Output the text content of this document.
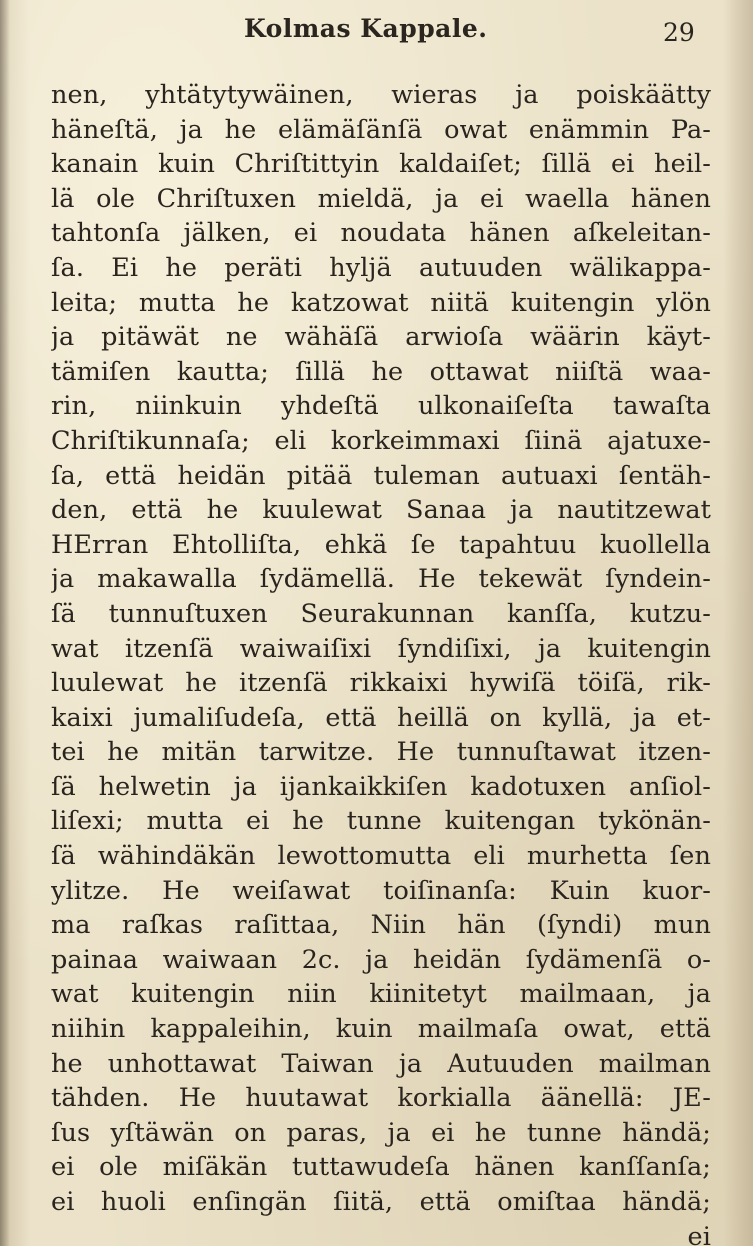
Kolmas Kappale.	29
nen, yhtätytywäinen, wieras ja poiskäätty
häneſtä, ja he elämäſänſä owat enämmin Pa-
kanain kuin Chriſtittyin kaldaiſet; ſillä ei heil-
lä ole Chriſtuxen mieldä, ja ei waella hänen
tahtonſa jälken, ei noudata hänen aſkeleitan-
ſa. Ei he peräti hyljä autuuden wälikappa-
leita; mutta he katzowat niitä kuitengin ylön
ja pitäwät ne wähäſä arwioſa wäärin käyt-
tämiſen kautta; ſillä he ottawat niiſtä waa-
rin, niinkuin yhdeſtä ulkonaiſeſta tawaſta
Chriſtikunnaſa; eli korkeimmaxi ſiinä ajatuxe-
ſa, että heidän pitää tuleman autuaxi ſentäh-
den, että he kuulewat Sanaa ja nautitzewat
HErran Ehtolliſta, ehkä ſe tapahtuu kuollella
ja makawalla ſydämellä. He tekewät ſyndein-
ſä tunnuſtuxen Seurakunnan kanſſa, kutzu-
wat itzenſä waiwaiſixi ſyndiſixi, ja kuitengin
luulewat he itzenſä rikkaixi hywiſä töiſä, rik-
kaixi jumaliſudeſa, että heillä on kyllä, ja et-
tei he mitän tarwitze. He tunnuſtawat itzen-
ſä helwetin ja ijankaikkiſen kadotuxen anſiol-
liſexi; mutta ei he tunne kuitengan tykönän-
ſä wähindäkän lewottomutta eli murhetta ſen
ylitze. He weiſawat toiſinanſa: Kuin kuor-
ma raſkas raſittaa, Niin hän (ſyndi) mun
painaa waiwaan 2c. ja heidän ſydämenſä o-
wat kuitengin niin kiinitetyt mailmaan, ja
niihin kappaleihin, kuin mailmaſa owat, että
he unhottawat Taiwan ja Autuuden mailman
tähden. He huutawat korkialla äänellä: JE-
ſus yſtäwän on paras, ja ei he tunne händä;
ei ole miſäkän tuttawudeſa hänen kanſſanſa;
ei huoli enſingän ſiitä, että omiſtaa händä;
ei
